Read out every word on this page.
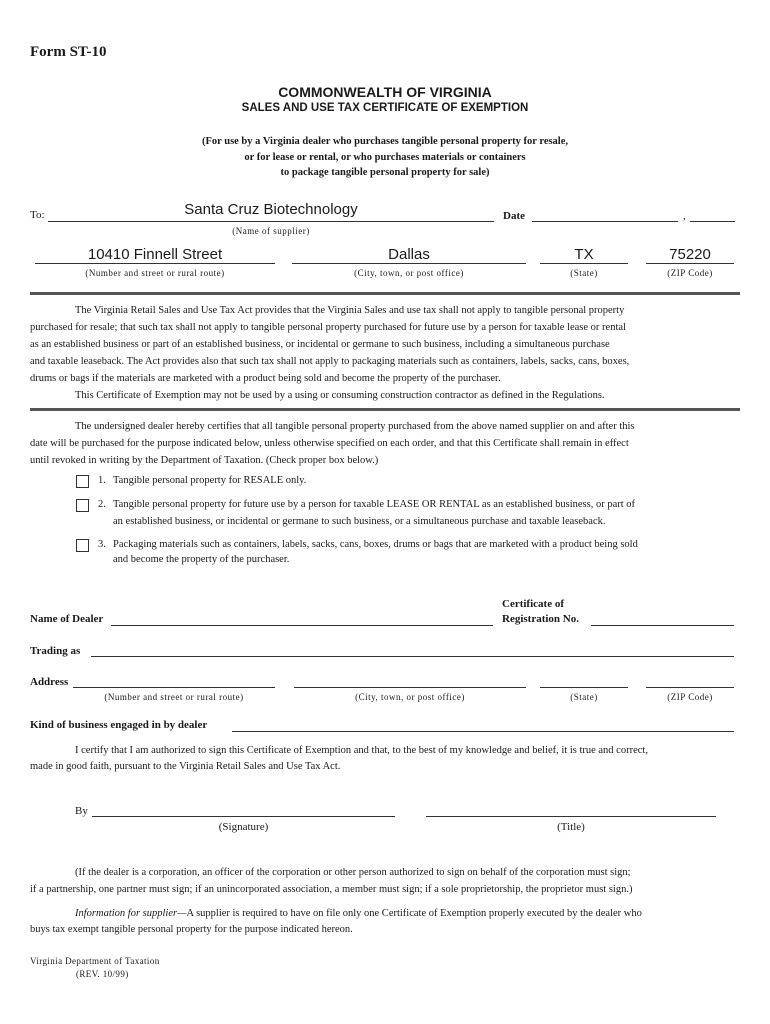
Form ST-10
COMMONWEALTH OF VIRGINIA
SALES AND USE TAX CERTIFICATE OF EXEMPTION
(For use by a Virginia dealer who purchases tangible personal property for resale,
or for lease or rental, or who purchases materials or containers
to package tangible personal property for sale)
To:	Santa Cruz Biotechnology
(Name of supplier)
Date	,
10410 Finnell Street
(Number and street or rural route)
Dallas
(City, town, or post office)
TX
(State)
75220
(ZIP Code)
The Virginia Retail Sales and Use Tax Act provides that the Virginia Sales and use tax shall not apply to tangible personal property
purchased for resale; that such tax shall not apply to tangible personal property purchased for future use by a person for taxable lease or rental
as an established business or part of an established business, or incidental or germane to such business, including a simultaneous purchase
and taxable leaseback. The Act provides also that such tax shall not apply to packaging materials such as containers, labels, sacks, cans, boxes,
drums or bags if the materials are marketed with a product being sold and become the property of the purchaser.
This Certificate of Exemption may not be used by a using or consuming construction contractor as defined in the Regulations.
The undersigned dealer hereby certifies that all tangible personal property purchased from the above named supplier on and after this
date will be purchased for the purpose indicated below, unless otherwise specified on each order, and that this Certificate shall remain in effect
until revoked in writing by the Department of Taxation. (Check proper box below.)
1. Tangible personal property for RESALE only.
2. Tangible personal property for future use by a person for taxable LEASE OR RENTAL as an established business, or part of
an established business, or incidental or germane to such business, or a simultaneous purchase and taxable leaseback.
3. Packaging materials such as containers, labels, sacks, cans, boxes, drums or bags that are marketed with a product being sold
and become the property of the purchaser.
Name of Dealer
Certificate of
Registration No.
Trading as
Address
(Number and street or rural route)	(City, town, or post office)	(State)	(ZIP Code)
Kind of business engaged in by dealer
I certify that I am authorized to sign this Certificate of Exemption and that, to the best of my knowledge and belief, it is true and correct,
made in good faith, pursuant to the Virginia Retail Sales and Use Tax Act.
By
(Signature)	(Title)
(If the dealer is a corporation, an officer of the corporation or other person authorized to sign on behalf of the corporation must sign;
if a partnership, one partner must sign; if an unincorporated association, a member must sign; if a sole proprietorship, the proprietor must sign.)
Information for supplier—A supplier is required to have on file only one Certificate of Exemption properly executed by the dealer who
buys tax exempt tangible personal property for the purpose indicated hereon.
Virginia Department of Taxation
(REV. 10/99)
